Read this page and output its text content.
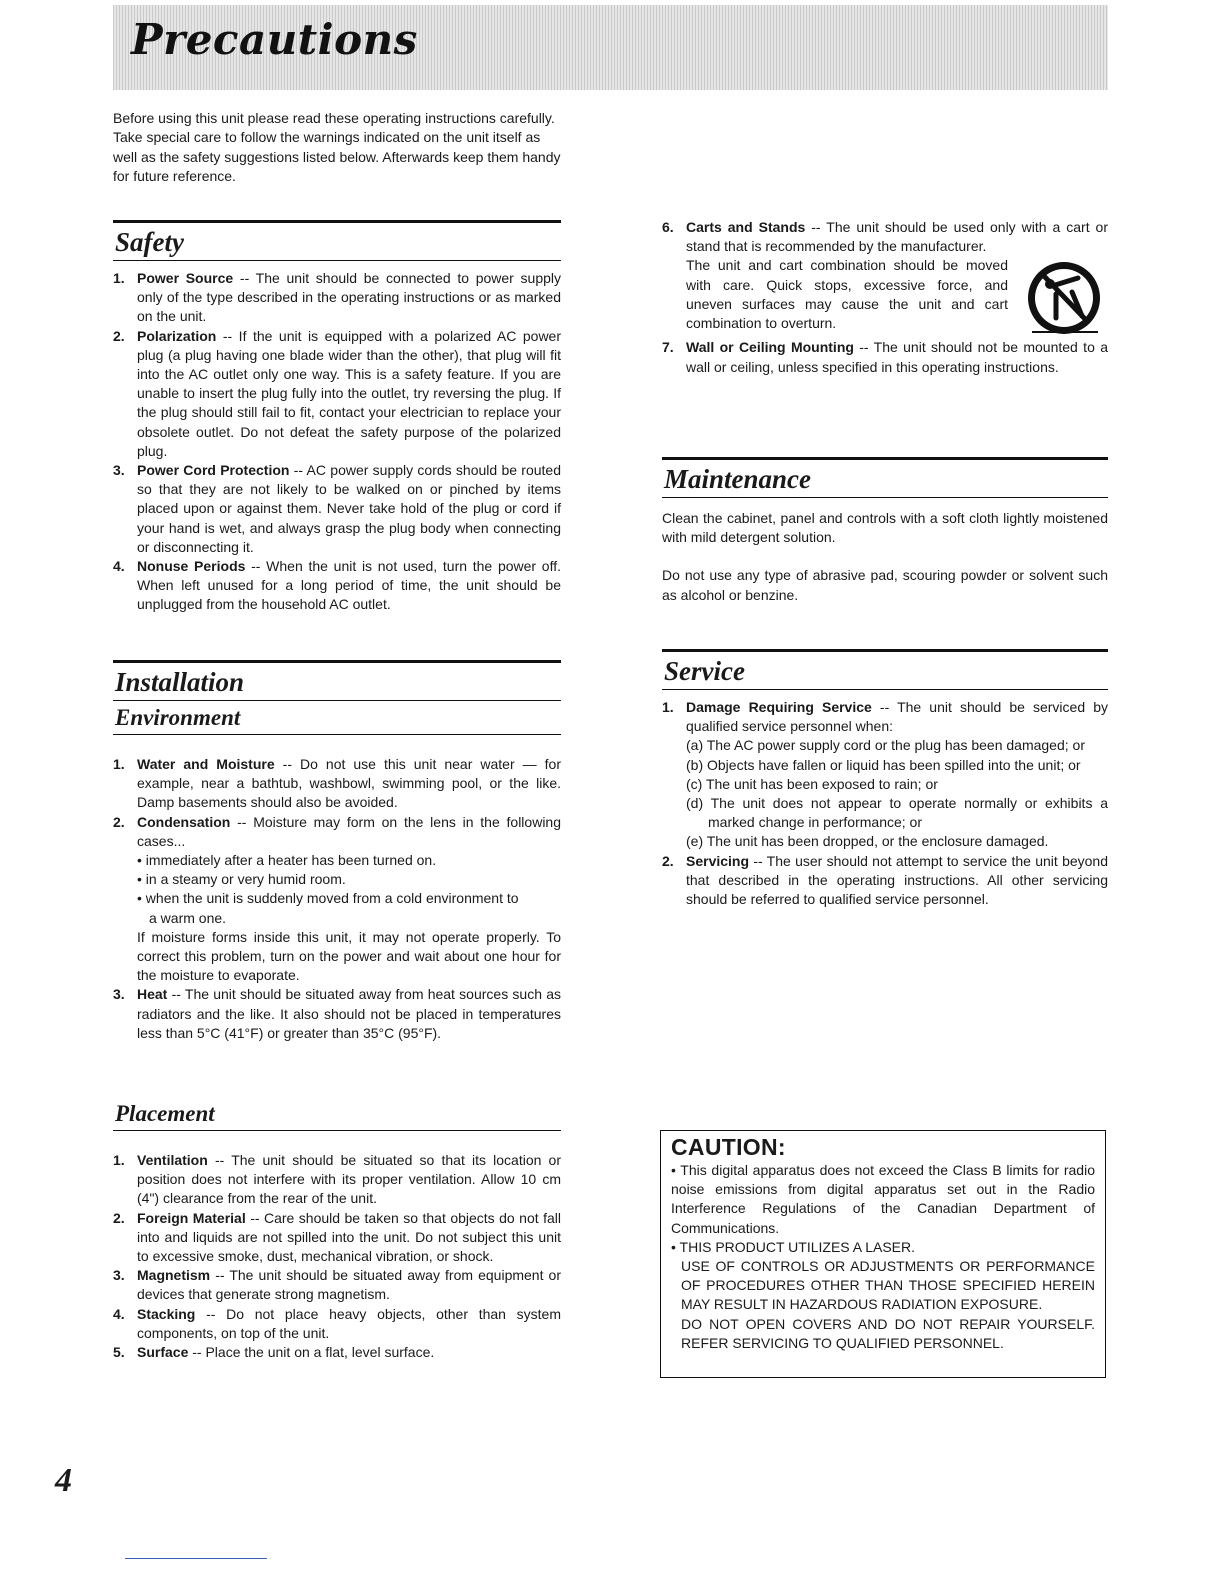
Precautions
Before using this unit please read these operating instructions carefully. Take special care to follow the warnings indicated on the unit itself as well as the safety suggestions listed below. Afterwards keep them handy for future reference.
Safety
1. Power Source -- The unit should be connected to power supply only of the type described in the operating instructions or as marked on the unit.
2. Polarization -- If the unit is equipped with a polarized AC power plug (a plug having one blade wider than the other), that plug will fit into the AC outlet only one way. This is a safety feature. If you are unable to insert the plug fully into the outlet, try reversing the plug. If the plug should still fail to fit, contact your electrician to replace your obsolete outlet. Do not defeat the safety purpose of the polarized plug.
3. Power Cord Protection -- AC power supply cords should be routed so that they are not likely to be walked on or pinched by items placed upon or against them. Never take hold of the plug or cord if your hand is wet, and always grasp the plug body when connecting or disconnecting it.
4. Nonuse Periods -- When the unit is not used, turn the power off. When left unused for a long period of time, the unit should be unplugged from the household AC outlet.
Installation
Environment
1. Water and Moisture -- Do not use this unit near water — for example, near a bathtub, washbowl, swimming pool, or the like. Damp basements should also be avoided.
2. Condensation -- Moisture may form on the lens in the following cases...
• immediately after a heater has been turned on.
• in a steamy or very humid room.
• when the unit is suddenly moved from a cold environment to
a warm one.
If moisture forms inside this unit, it may not operate properly. To correct this problem, turn on the power and wait about one hour for the moisture to evaporate.
3. Heat -- The unit should be situated away from heat sources such as radiators and the like. It also should not be placed in temperatures less than 5°C (41°F) or greater than 35°C (95°F).
Placement
1. Ventilation -- The unit should be situated so that its location or position does not interfere with its proper ventilation. Allow 10 cm (4") clearance from the rear of the unit.
2. Foreign Material -- Care should be taken so that objects do not fall into and liquids are not spilled into the unit. Do not subject this unit to excessive smoke, dust, mechanical vibration, or shock.
3. Magnetism -- The unit should be situated away from equipment or devices that generate strong magnetism.
4. Stacking -- Do not place heavy objects, other than system components, on top of the unit.
5. Surface -- Place the unit on a flat, level surface.
6. Carts and Stands -- The unit should be used only with a cart or stand that is recommended by the manufacturer.
The unit and cart combination should be moved with care. Quick stops, excessive force, and uneven surfaces may cause the unit and cart combination to overturn.
7. Wall or Ceiling Mounting -- The unit should not be mounted to a wall or ceiling, unless specified in this operating instructions.
Maintenance

Clean the cabinet, panel and controls with a soft cloth lightly moistened with mild detergent solution.

Do not use any type of abrasive pad, scouring powder or solvent such as alcohol or benzine.

Service
1. Damage Requiring Service -- The unit should be serviced by qualified service personnel when:
(a) The AC power supply cord or the plug has been damaged; or
(b) Objects have fallen or liquid has been spilled into the unit; or
(c) The unit has been exposed to rain; or
(d) The unit does not appear to operate normally or exhibits a marked change in performance; or
(e) The unit has been dropped, or the enclosure damaged.
2. Servicing -- The user should not attempt to service the unit beyond that described in the operating instructions. All other servicing should be referred to qualified service personnel.
CAUTION:

• This digital apparatus does not exceed the Class B limits for radio noise emissions from digital apparatus set out in the Radio Interference Regulations of the Canadian Department of Communications.

• THIS PRODUCT UTILIZES A LASER.

USE OF CONTROLS OR ADJUSTMENTS OR PERFORMANCE OF PROCEDURES OTHER THAN THOSE SPECIFIED HEREIN MAY RESULT IN HAZARDOUS RADIATION EXPOSURE.

DO NOT OPEN COVERS AND DO NOT REPAIR YOURSELF. REFER SERVICING TO QUALIFIED PERSONNEL.

4
